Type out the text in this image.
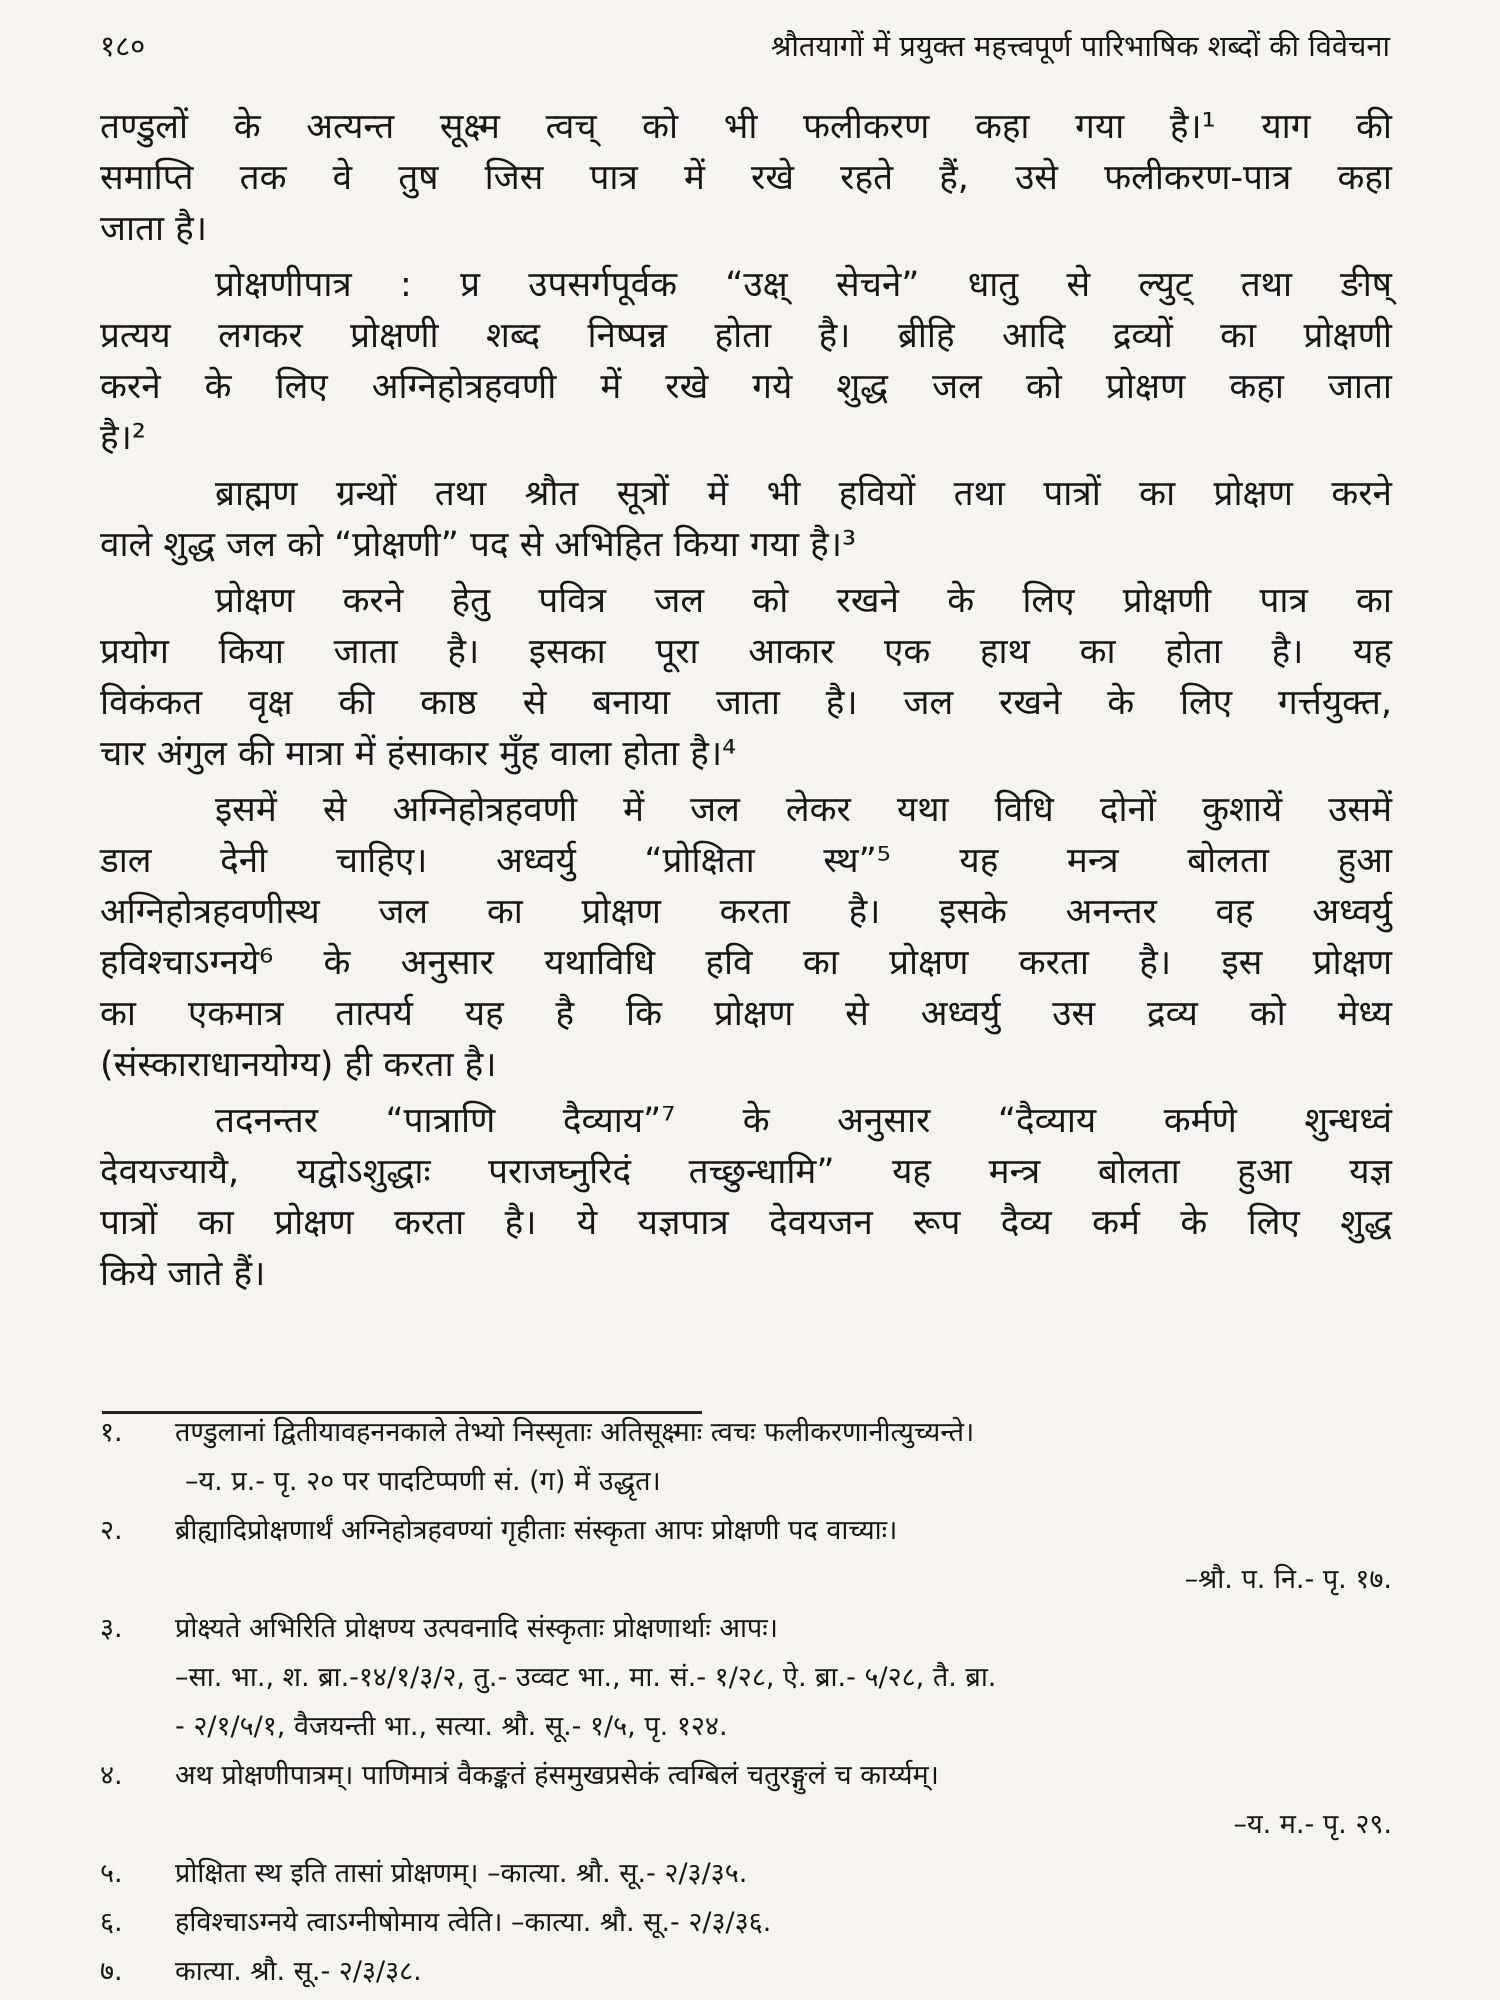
१८०	श्रौतयागों में प्रयुक्त महत्त्वपूर्ण पारिभाषिक शब्दों की विवेचना
तण्डुलों के अत्यन्त सूक्ष्म त्वच् को भी फलीकरण कहा गया है।¹ याग की
समाप्ति तक वे तुष जिस पात्र में रखे रहते हैं, उसे फलीकरण-पात्र कहा
जाता है।
प्रोक्षणीपात्र : प्र उपसर्गपूर्वक “उक्ष् सेचने” धातु से ल्युट् तथा ङीष्
प्रत्यय लगकर प्रोक्षणी शब्द निष्पन्न होता है। ब्रीहि आदि द्रव्यों का प्रोक्षणी
करने के लिए अग्निहोत्रहवणी में रखे गये शुद्ध जल को प्रोक्षण कहा जाता
है।²
ब्राह्मण ग्रन्थों तथा श्रौत सूत्रों में भी हवियों तथा पात्रों का प्रोक्षण करने
वाले शुद्ध जल को “प्रोक्षणी” पद से अभिहित किया गया है।³
प्रोक्षण करने हेतु पवित्र जल को रखने के लिए प्रोक्षणी पात्र का
प्रयोग किया जाता है। इसका पूरा आकार एक हाथ का होता है। यह
विकंकत वृक्ष की काष्ठ से बनाया जाता है। जल रखने के लिए गर्त्तयुक्त,
चार अंगुल की मात्रा में हंसाकार मुँह वाला होता है।⁴
इसमें से अग्निहोत्रहवणी में जल लेकर यथा विधि दोनों कुशायें उसमें
डाल देनी चाहिए। अध्वर्यु “प्रोक्षिता स्थ”⁵ यह मन्त्र बोलता हुआ
अग्निहोत्रहवणीस्थ जल का प्रोक्षण करता है। इसके अनन्तर वह अध्वर्यु
हविश्चाऽग्नये⁶ के अनुसार यथाविधि हवि का प्रोक्षण करता है। इस प्रोक्षण
का एकमात्र तात्पर्य यह है कि प्रोक्षण से अध्वर्यु उस द्रव्य को मेध्य
(संस्काराधानयोग्य) ही करता है।
तदनन्तर “पात्राणि दैव्याय”⁷ के अनुसार “दैव्याय कर्मणे शुन्धध्वं
देवयज्यायै, यद्वोऽशुद्धाः पराजघ्नुरिदं तच्छुन्धामि” यह मन्त्र बोलता हुआ यज्ञ
पात्रों का प्रोक्षण करता है। ये यज्ञपात्र देवयजन रूप दैव्य कर्म के लिए शुद्ध
किये जाते हैं।
१. तण्डुलानां द्वितीयावहननकाले तेभ्यो निस्सृताः अतिसूक्ष्माः त्वचः फलीकरणानीत्युच्यन्ते।
–य. प्र.- पृ. २० पर पादटिप्पणी सं. (ग) में उद्धृत।
२. ब्रीह्यादिप्रोक्षणार्थं अग्निहोत्रहवण्यां गृहीताः संस्कृता आपः प्रोक्षणी पद वाच्याः।
–श्रौ. प. नि.- पृ. १७.
३. प्रोक्ष्यते अभिरिति प्रोक्षण्य उत्पवनादि संस्कृताः प्रोक्षणार्थाः आपः।
–सा. भा., श. ब्रा.-१४/१/३/२, तु.- उव्वट भा., मा. सं.- १/२८, ऐ. ब्रा.- ५/२८, तै. ब्रा.
- २/१/५/१, वैजयन्ती भा., सत्या. श्रौ. सू.- १/५, पृ. १२४.
४. अथ प्रोक्षणीपात्रम्। पाणिमात्रं वैकङ्कतं हंसमुखप्रसेकं त्वग्बिलं चतुरङ्गुलं च कार्य्यम्।
–य. म.- पृ. २९.
५. प्रोक्षिता स्थ इति तासां प्रोक्षणम्। –कात्या. श्रौ. सू.- २/३/३५.
६. हविश्चाऽग्नये त्वाऽग्नीषोमाय त्वेति। –कात्या. श्रौ. सू.- २/३/३६.
७. कात्या. श्रौ. सू.- २/३/३८.
